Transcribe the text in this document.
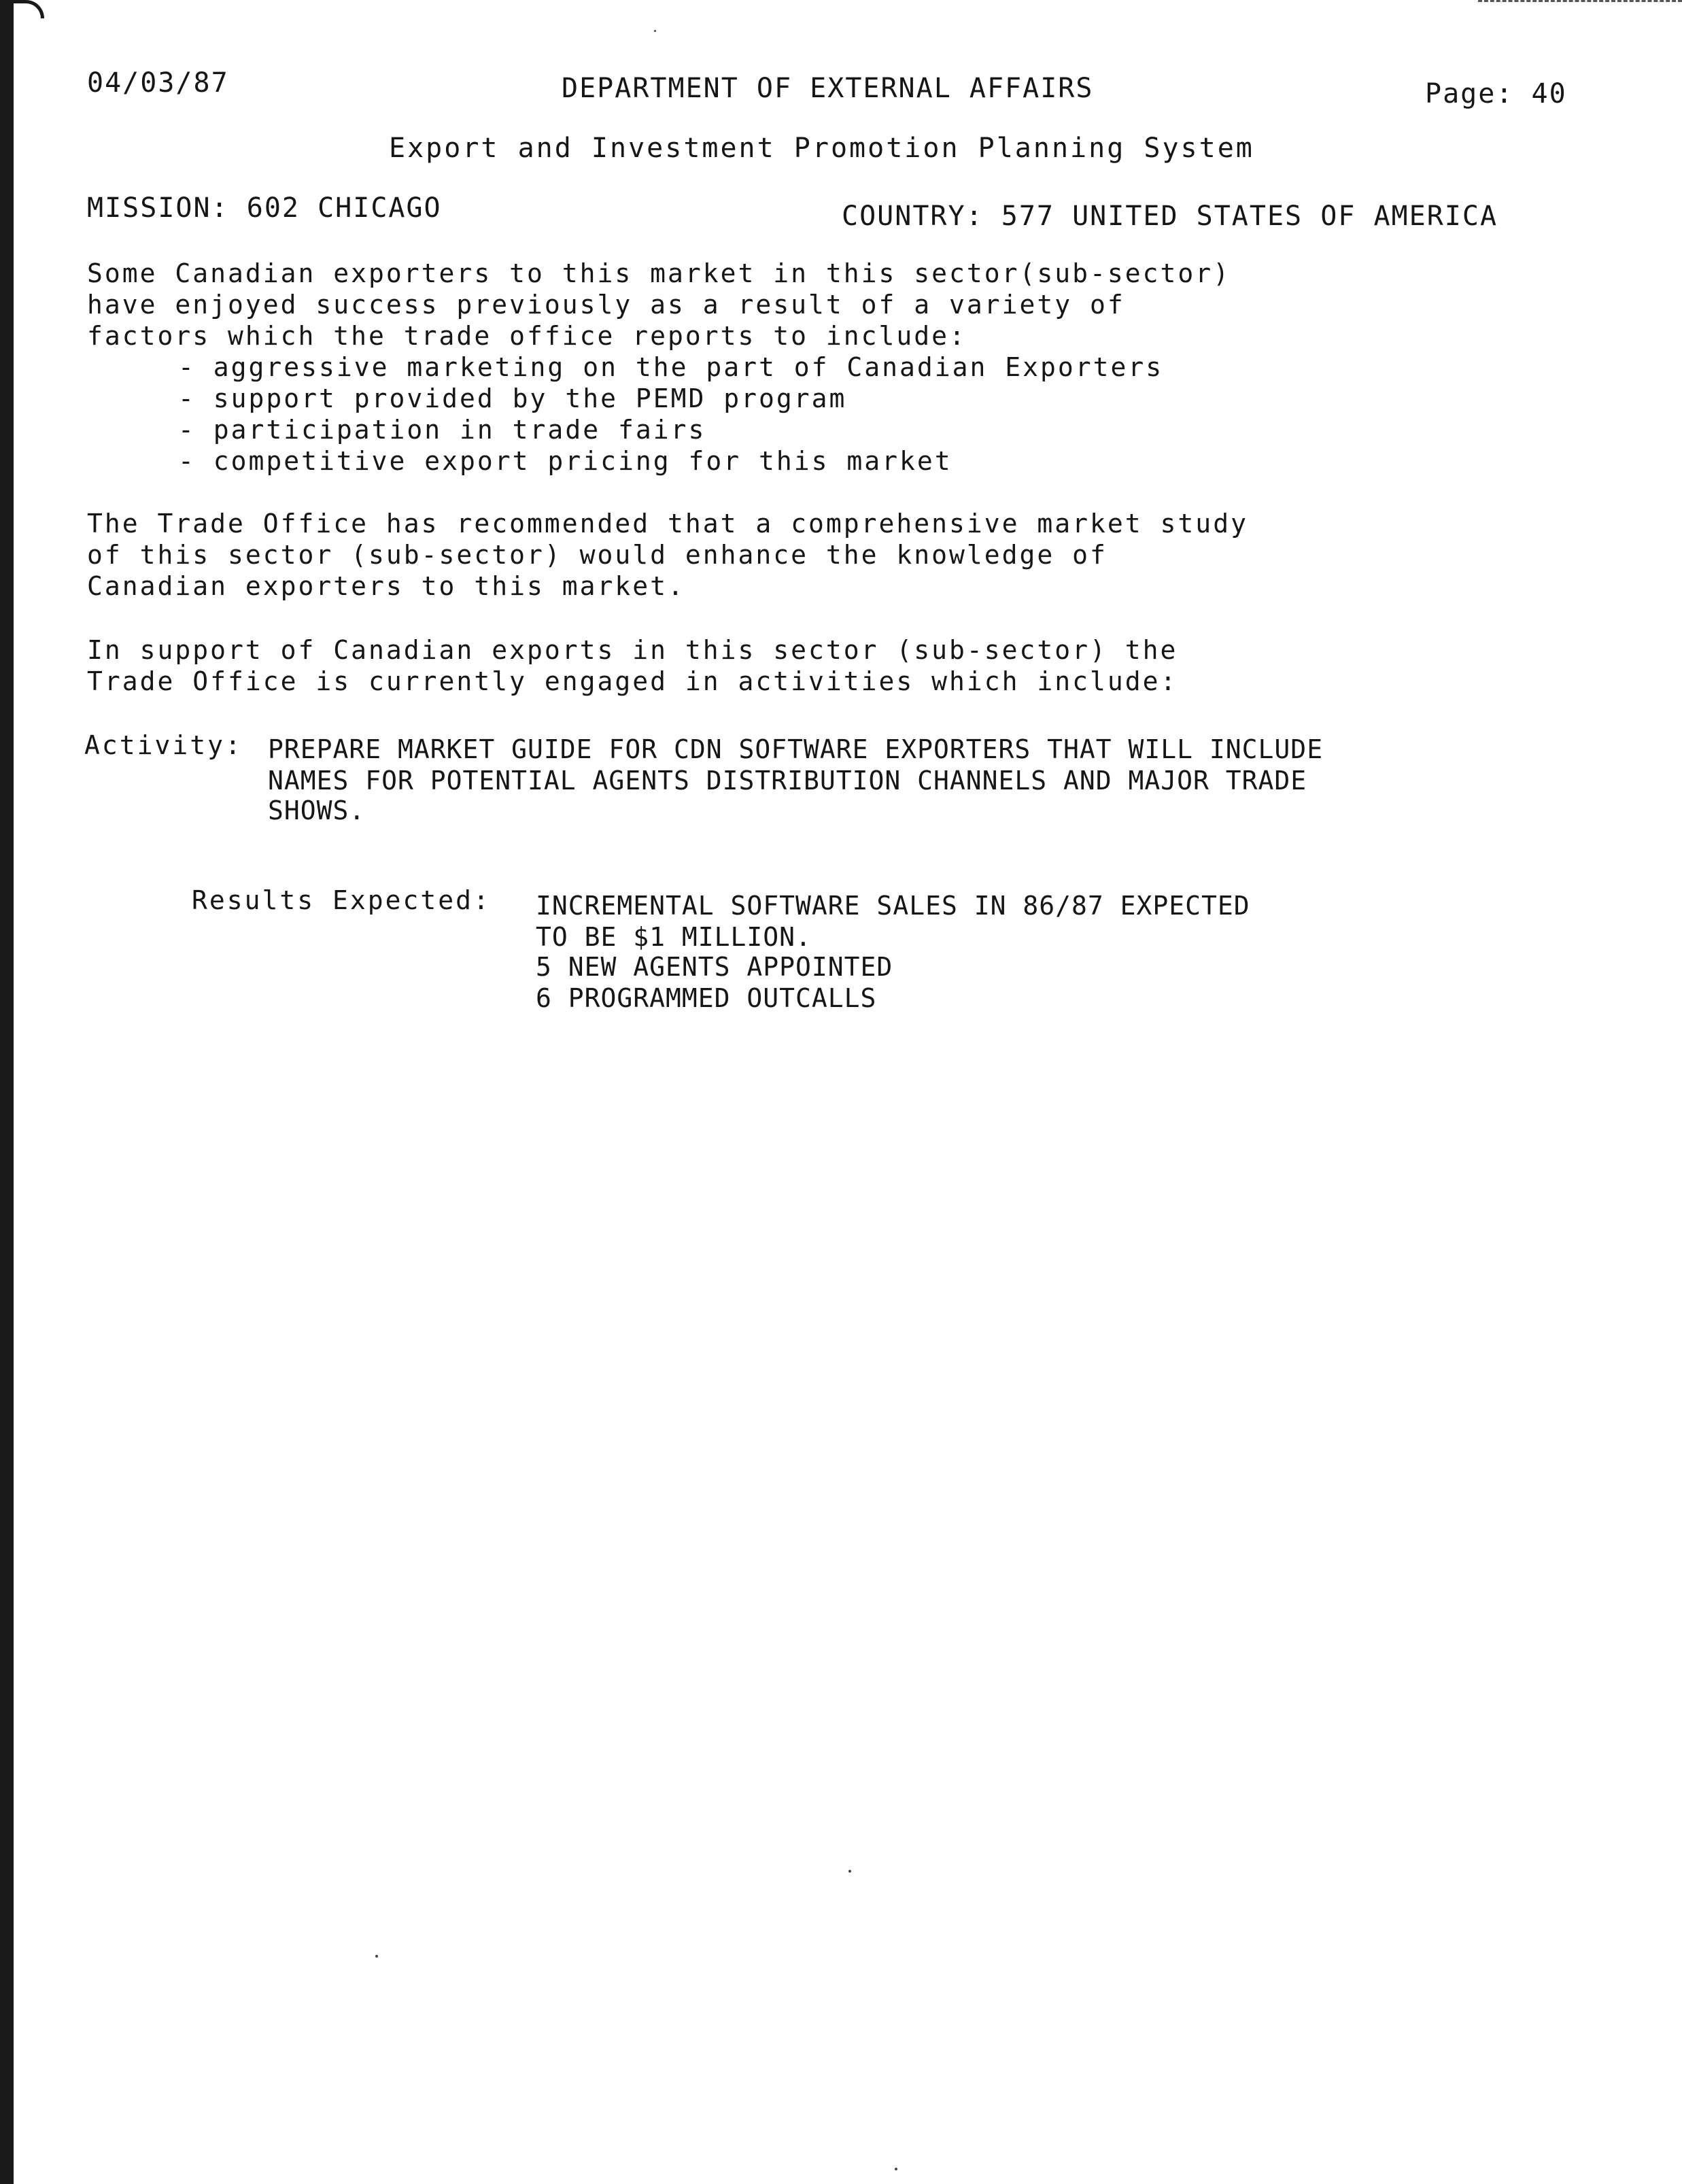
04/03/87	DEPARTMENT OF EXTERNAL AFFAIRS	Page: 40
Export and Investment Promotion Planning System
MISSION: 602 CHICAGO	COUNTRY: 577 UNITED STATES OF AMERICA
Some Canadian exporters to this market in this sector(sub-sector)
have enjoyed success previously as a result of a variety of
factors which the trade office reports to include:
- aggressive marketing on the part of Canadian Exporters
- support provided by the PEMD program
- participation in trade fairs
- competitive export pricing for this market
The Trade Office has recommended that a comprehensive market study
of this sector (sub-sector) would enhance the knowledge of
Canadian exporters to this market.
In support of Canadian exports in this sector (sub-sector) the
Trade Office is currently engaged in activities which include:
Activity: PREPARE MARKET GUIDE FOR CDN SOFTWARE EXPORTERS THAT WILL INCLUDE
NAMES FOR POTENTIAL AGENTS DISTRIBUTION CHANNELS AND MAJOR TRADE
SHOWS.
Results Expected: INCREMENTAL SOFTWARE SALES IN 86/87 EXPECTED
TO BE $1 MILLION.
5 NEW AGENTS APPOINTED
6 PROGRAMMED OUTCALLS
